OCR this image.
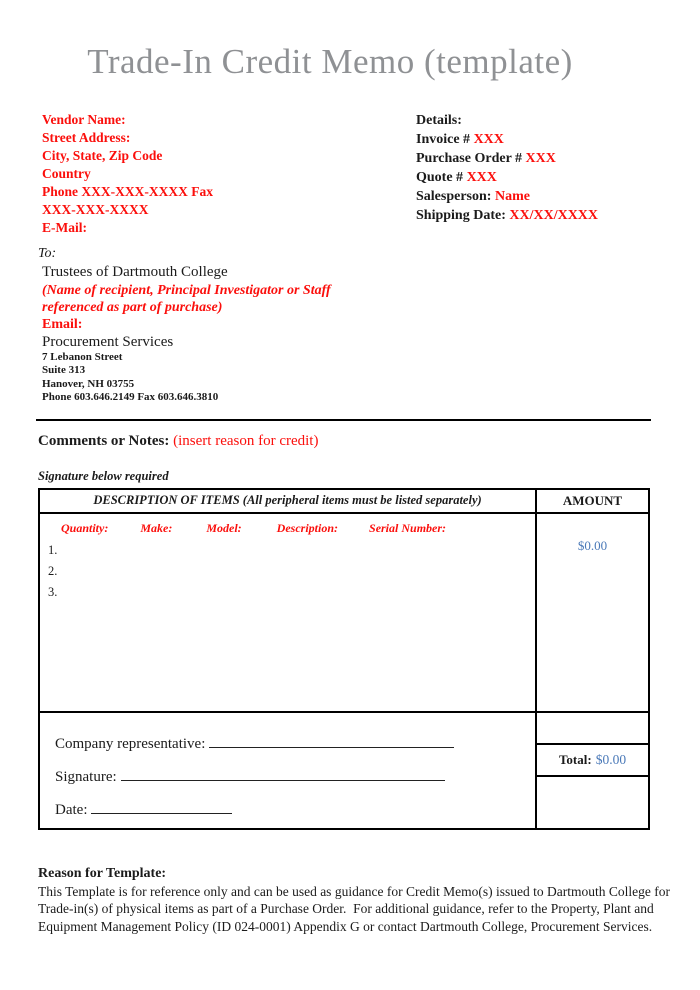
Trade-In Credit Memo (template)
Vendor Name:
Street Address:
City, State, Zip Code
Country
Phone XXX-XXX-XXXX Fax
XXX-XXX-XXXX
E-Mail:
Details:
Invoice # XXX
Purchase Order # XXX
Quote # XXX
Salesperson: Name
Shipping Date: XX/XX/XXXX
To:
Trustees of Dartmouth College
(Name of recipient, Principal Investigator or Staff referenced as part of purchase)
Email:
Procurement Services
7 Lebanon Street
Suite 313
Hanover, NH 03755
Phone 603.646.2149 Fax 603.646.3810
Comments or Notes: (insert reason for credit)
Signature below required
DESCRIPTION OF ITEMS (All peripheral items must be listed separately)	AMOUNT
Quantity:	Make:	Model:	Description:	Serial Number:
1.
2.
3.
$0.00
Company representative:
Signature:
Date:
Total: $0.00
Reason for Template:
This Template is for reference only and can be used as guidance for Credit Memo(s) issued to Dartmouth College for Trade-in(s) of physical items as part of a Purchase Order.  For additional guidance, refer to the Property, Plant and Equipment Management Policy (ID 024-0001) Appendix G or contact Dartmouth College, Procurement Services.
